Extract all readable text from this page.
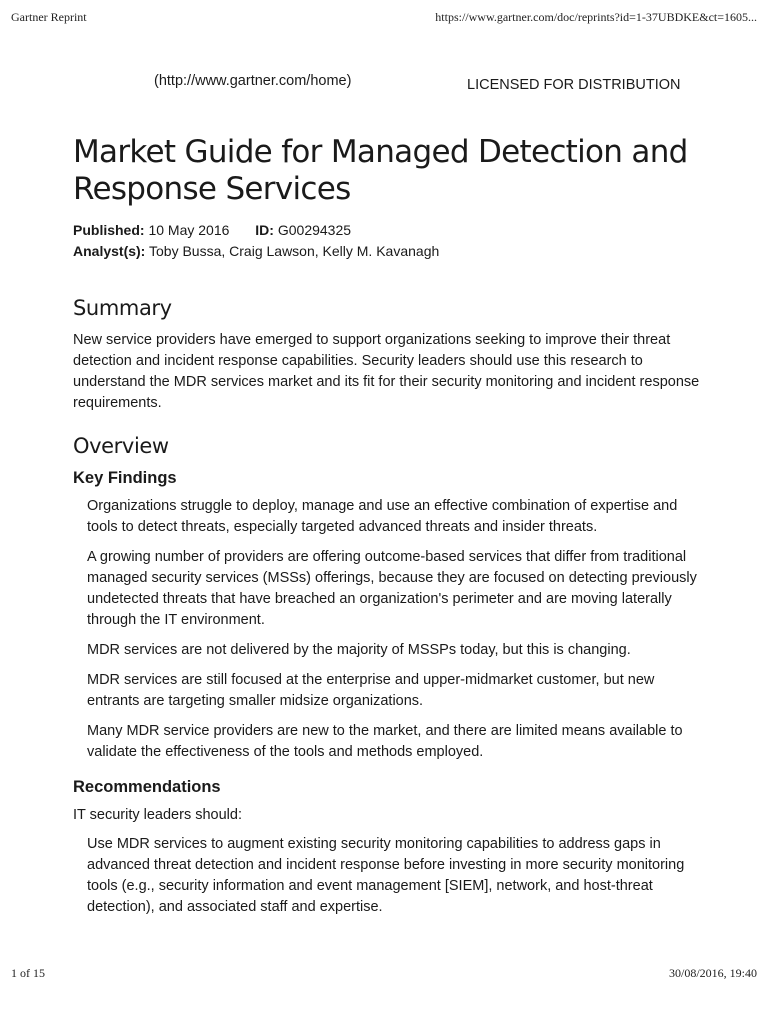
Gartner Reprint	https://www.gartner.com/doc/reprints?id=1-37UBDKE&ct=1605...
(http://www.gartner.com/home)	LICENSED FOR DISTRIBUTION
Market Guide for Managed Detection and Response Services
Published: 10 May 2016 ID: G00294325
Analyst(s): Toby Bussa, Craig Lawson, Kelly M. Kavanagh
Summary

New service providers have emerged to support organizations seeking to improve their threat detection and incident response capabilities. Security leaders should use this research to understand the MDR services market and its fit for their security monitoring and incident response requirements.

Overview
Key Findings
Organizations struggle to deploy, manage and use an effective combination of expertise and tools to detect threats, especially targeted advanced threats and insider threats.
A growing number of providers are offering outcome-based services that differ from traditional managed security services (MSSs) offerings, because they are focused on detecting previously undetected threats that have breached an organization's perimeter and are moving laterally through the IT environment.
MDR services are not delivered by the majority of MSSPs today, but this is changing.
MDR services are still focused at the enterprise and upper-midmarket customer, but new entrants are targeting smaller midsize organizations.
Many MDR service providers are new to the market, and there are limited means available to validate the effectiveness of the tools and methods employed.
Recommendations

IT security leaders should:

Use MDR services to augment existing security monitoring capabilities to address gaps in advanced threat detection and incident response before investing in more security monitoring tools (e.g., security information and event management [SIEM], network, and host-threat detection), and associated staff and expertise.
1 of 15	30/08/2016, 19:40
